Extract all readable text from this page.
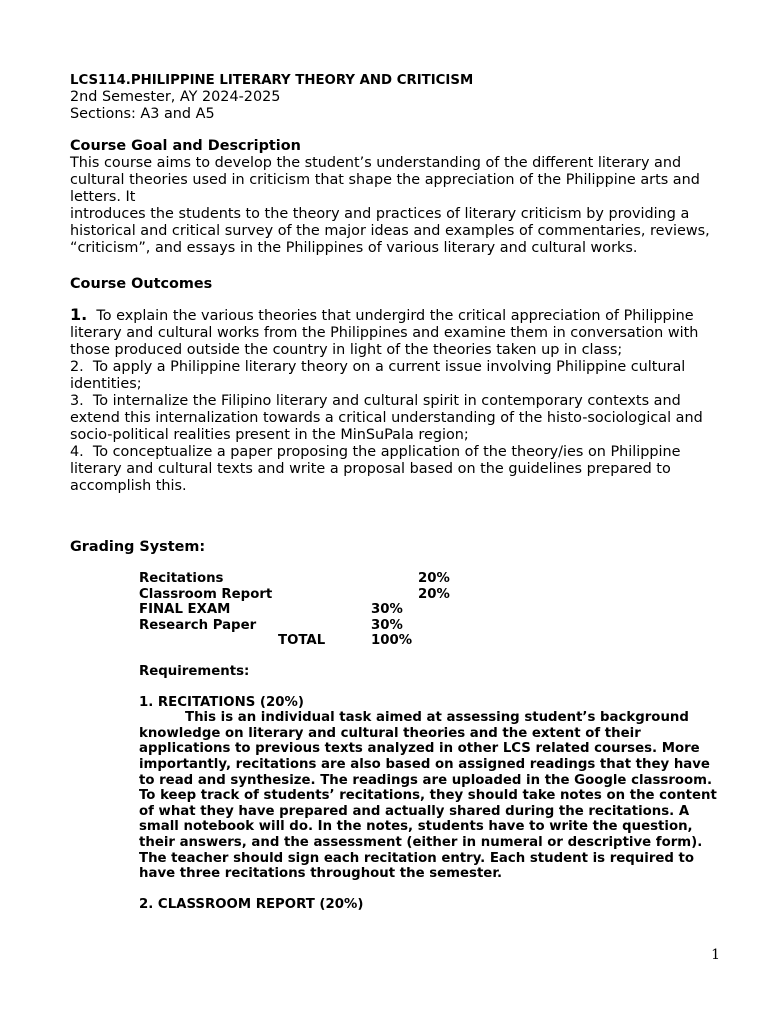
LCS114.PHILIPPINE LITERARY THEORY AND CRITICISM

2nd Semester, AY 2024-2025

Sections: A3 and A5

Course Goal and Description

This course aims to develop the student’s understanding of the different literary and cultural theories used in criticism that shape the appreciation of the Philippine arts and letters. It

introduces the students to the theory and practices of literary criticism by providing a historical and critical survey of the major ideas and examples of commentaries, reviews, “criticism”, and essays in the Philippines of various literary and cultural works.

Course Outcomes

1. To explain the various theories that undergird the critical appreciation of Philippine literary and cultural works from the Philippines and examine them in conversation with those produced outside the country in light of the theories taken up in class;

2. To apply a Philippine literary theory on a current issue involving Philippine cultural identities;

3. To internalize the Filipino literary and cultural spirit in contemporary contexts and extend this internalization towards a critical understanding of the histo-sociological and socio-political realities present in the MinSuPala region;

4. To conceptualize a paper proposing the application of the theory/ies on Philippine literary and cultural texts and write a proposal based on the guidelines prepared to accomplish this.

Grading System:

Recitations	20%
Classroom Report	20%
FINAL EXAM	30%
Research Paper	30%
TOTAL	100%

Requirements:

1. RECITATIONS (20%)

This is an individual task aimed at assessing student’s background knowledge on literary and cultural theories and the extent of their applications to previous texts analyzed in other LCS related courses. More importantly, recitations are also based on assigned readings that they have to read and synthesize. The readings are uploaded in the Google classroom. To keep track of students’ recitations, they should take notes on the content of what they have prepared and actually shared during the recitations. A small notebook will do. In the notes, students have to write the question, their answers, and the assessment (either in numeral or descriptive form). The teacher should sign each recitation entry. Each student is required to have three recitations throughout the semester.

2. CLASSROOM REPORT (20%)

1
